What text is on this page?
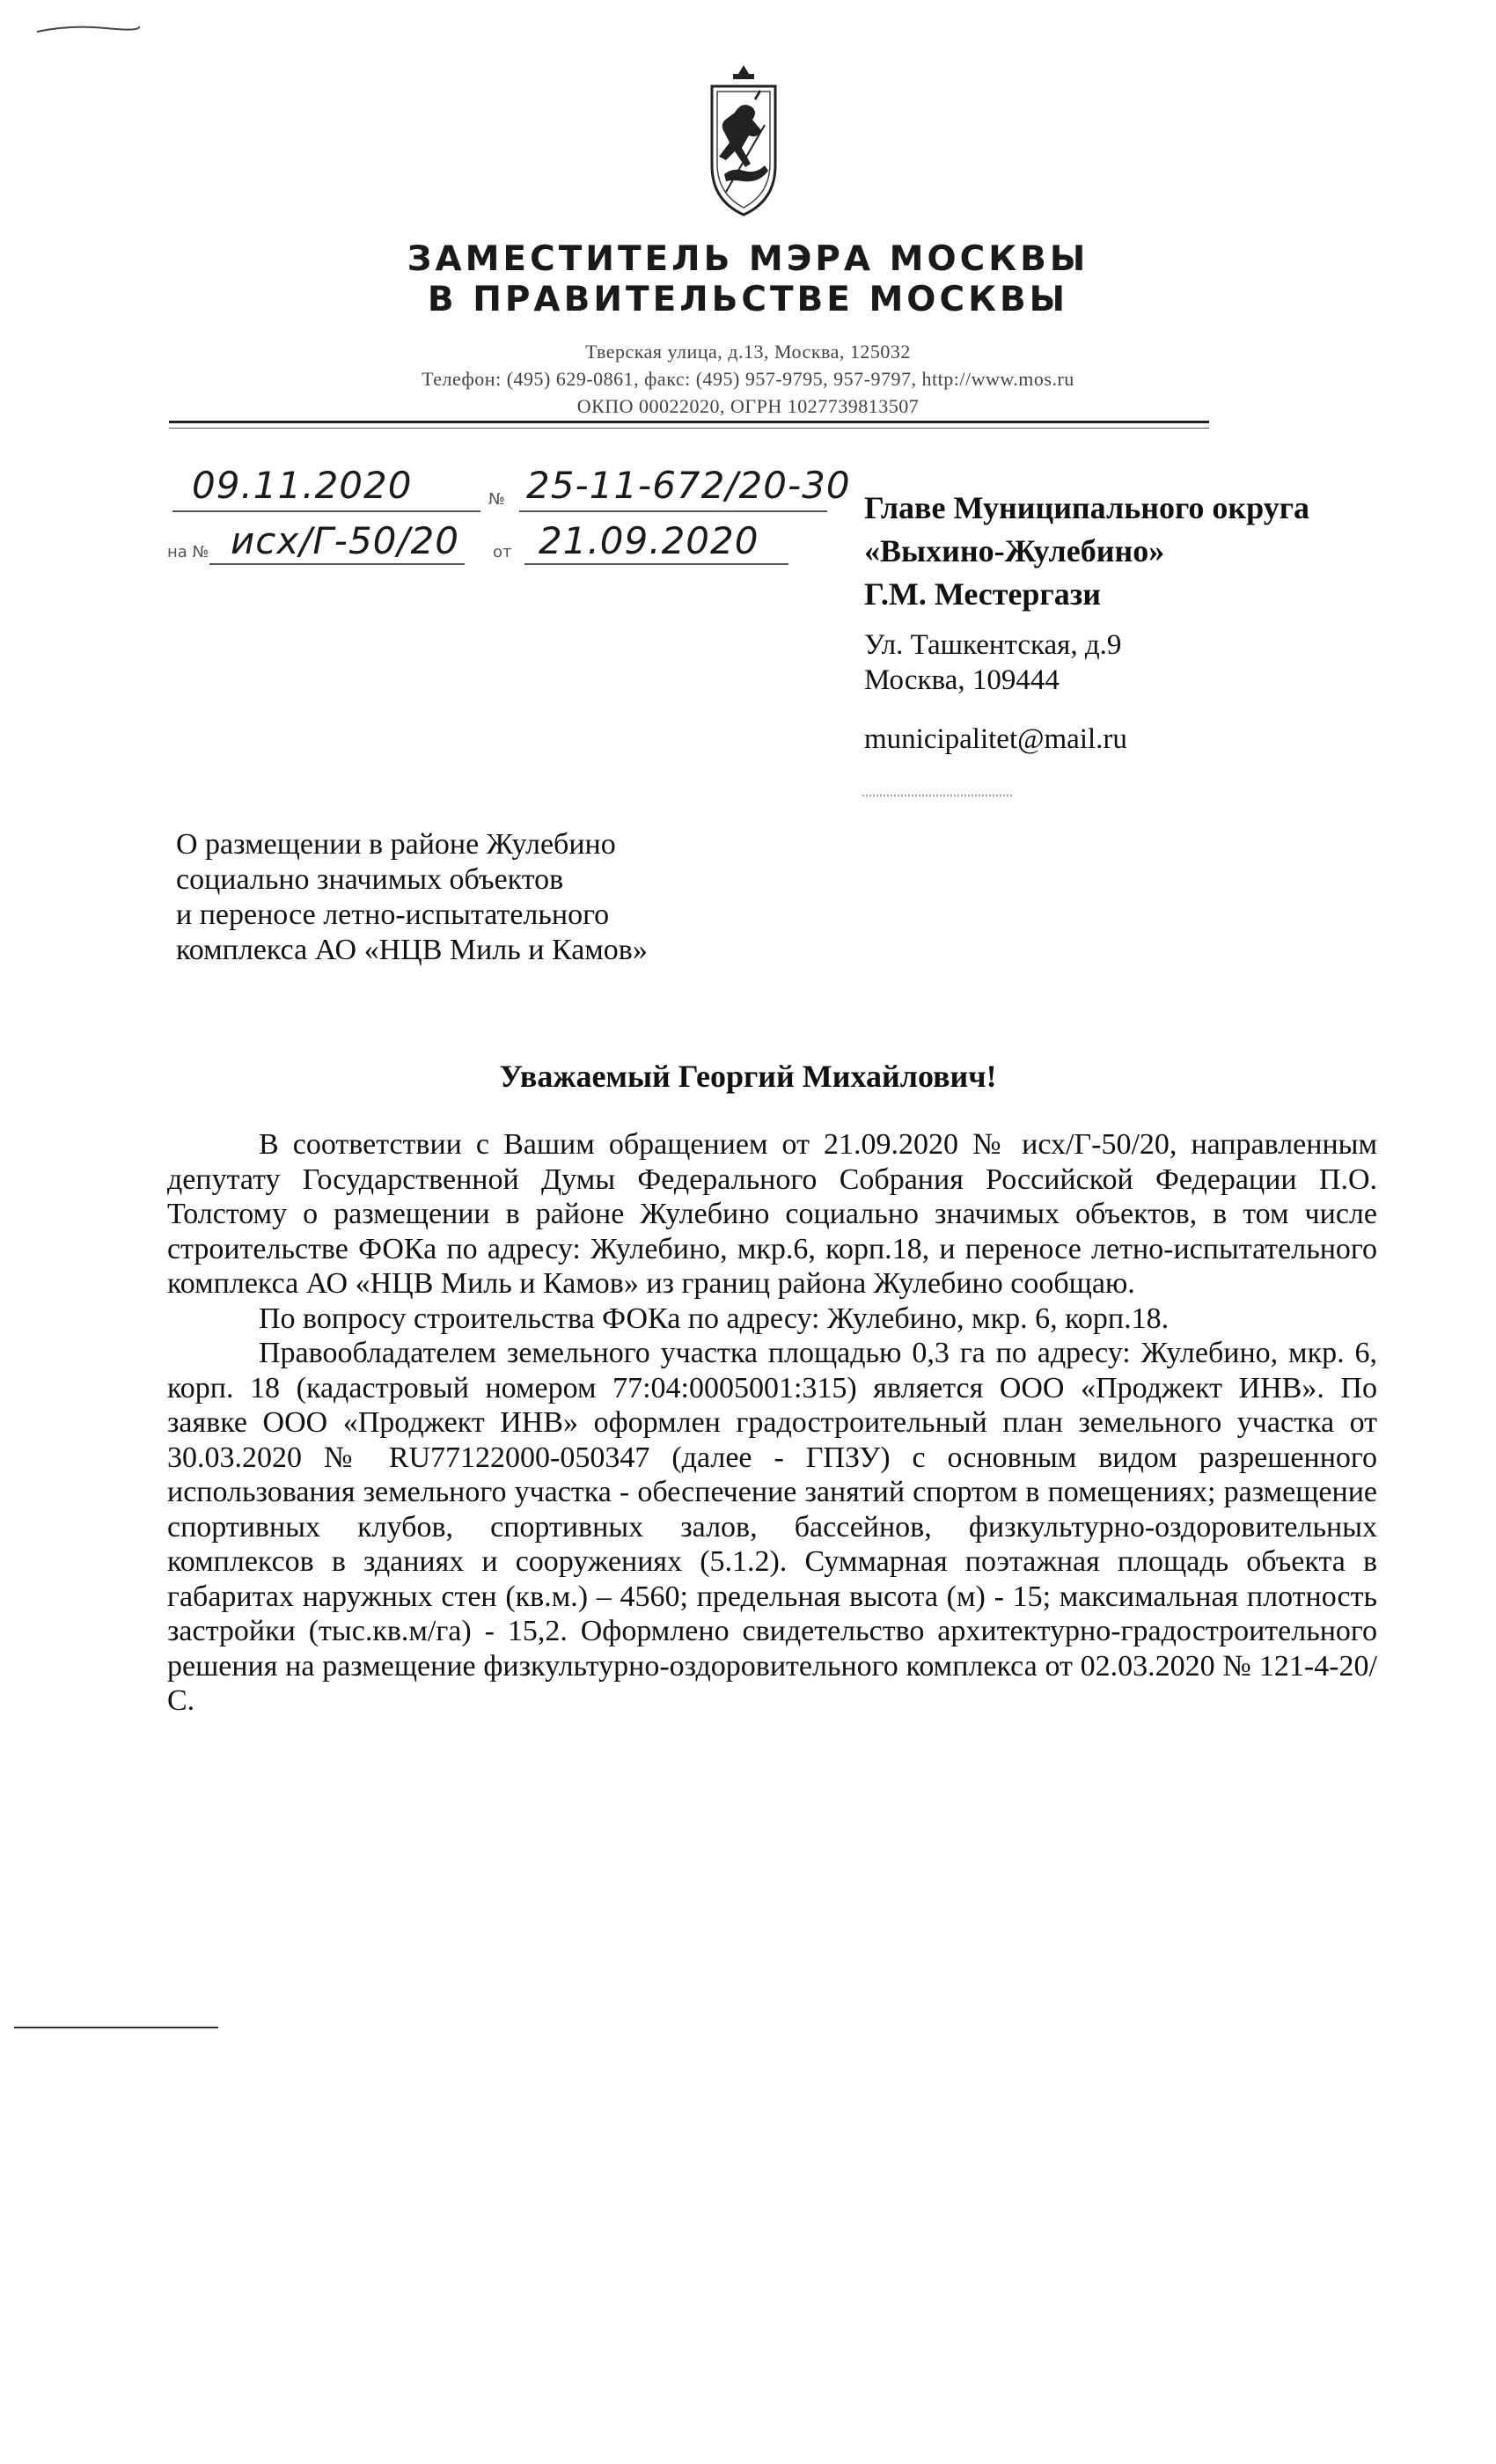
ЗАМЕСТИТЕЛЬ МЭРА МОСКВЫ
В ПРАВИТЕЛЬСТВЕ МОСКВЫ
Тверская улица, д.13, Москва, 125032
Телефон: (495) 629-0861, факс: (495) 957-9795, 957-9797, http://www.mos.ru
ОКПО 00022020, ОГРН 1027739813507
09.11.2020	№ 25-11-672/20-30
на № исх/Г-50/20 от 21.09.2020
Главе Муниципального округа
«Выхино-Жулебино»
Г.М. Местергази
Ул. Ташкентская, д.9
Москва, 109444
municipalitet@mail.ru
О размещении в районе Жулебино
социально значимых объектов
и переносе летно-испытательного
комплекса АО «НЦВ Миль и Камов»
Уважаемый Георгий Михайлович!

В соответствии с Вашим обращением от 21.09.2020 № исх/Г-50/20, направленным депутату Государственной Думы Федерального Собрания Российской Федерации П.О. Толстому о размещении в районе Жулебино социально значимых объектов, в том числе строительстве ФОКа по адресу: Жулебино, мкр.6, корп.18, и переносе летно-испытательного комплекса АО «НЦВ Миль и Камов» из границ района Жулебино сообщаю.

По вопросу строительства ФОКа по адресу: Жулебино, мкр. 6, корп.18.

Правообладателем земельного участка площадью 0,3 га по адресу: Жулебино, мкр. 6, корп. 18 (кадастровый номером 77:04:0005001:315) является ООО «Проджект ИНВ». По заявке ООО «Проджект ИНВ» оформлен градостроительный план земельного участка от 30.03.2020 № RU77122000-050347 (далее - ГПЗУ) с основным видом разрешенного использования земельного участка - обеспечение занятий спортом в помещениях; размещение спортивных клубов, спортивных залов, бассейнов, физкультурно-оздоровительных комплексов в зданиях и сооружениях (5.1.2). Суммарная поэтажная площадь объекта в габаритах наружных стен (кв.м.) – 4560; предельная высота (м) - 15; максимальная плотность застройки (тыс.кв.м/га) - 15,2. Оформлено свидетельство архитектурно-градостроительного решения на размещение физкультурно-оздоровительного комплекса от 02.03.2020 № 121-4-20/С.
